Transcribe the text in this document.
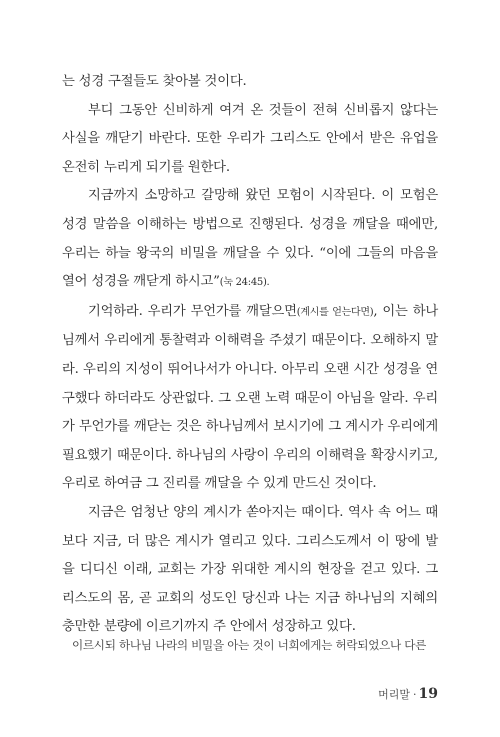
는 성경 구절들도 찾아볼 것이다.

부디 그동안 신비하게 여겨 온 것들이 전혀 신비롭지 않다는 사실을 깨닫기 바란다. 또한 우리가 그리스도 안에서 받은 유업을 온전히 누리게 되기를 원한다.

지금까지 소망하고 갈망해 왔던 모험이 시작된다. 이 모험은 성경 말씀을 이해하는 방법으로 진행된다. 성경을 깨달을 때에만, 우리는 하늘 왕국의 비밀을 깨달을 수 있다. “이에 그들의 마음을 열어 성경을 깨닫게 하시고”(눅 24:45).

기억하라. 우리가 무언가를 깨달으면(계시를 얻는다면), 이는 하나님께서 우리에게 통찰력과 이해력을 주셨기 때문이다. 오해하지 말라. 우리의 지성이 뛰어나서가 아니다. 아무리 오랜 시간 성경을 연구했다 하더라도 상관없다. 그 오랜 노력 때문이 아님을 알라. 우리가 무언가를 깨닫는 것은 하나님께서 보시기에 그 계시가 우리에게 필요했기 때문이다. 하나님의 사랑이 우리의 이해력을 확장시키고, 우리로 하여금 그 진리를 깨달을 수 있게 만드신 것이다.

지금은 엄청난 양의 계시가 쏟아지는 때이다. 역사 속 어느 때보다 지금, 더 많은 계시가 열리고 있다. 그리스도께서 이 땅에 발을 디디신 이래, 교회는 가장 위대한 계시의 현장을 걷고 있다. 그리스도의 몸, 곧 교회의 성도인 당신과 나는 지금 하나님의 지혜의 충만한 분량에 이르기까지 주 안에서 성장하고 있다.

이르시되 하나님 나라의 비밀을 아는 것이 너희에게는 허락되었으나 다른

머리말 · 19
